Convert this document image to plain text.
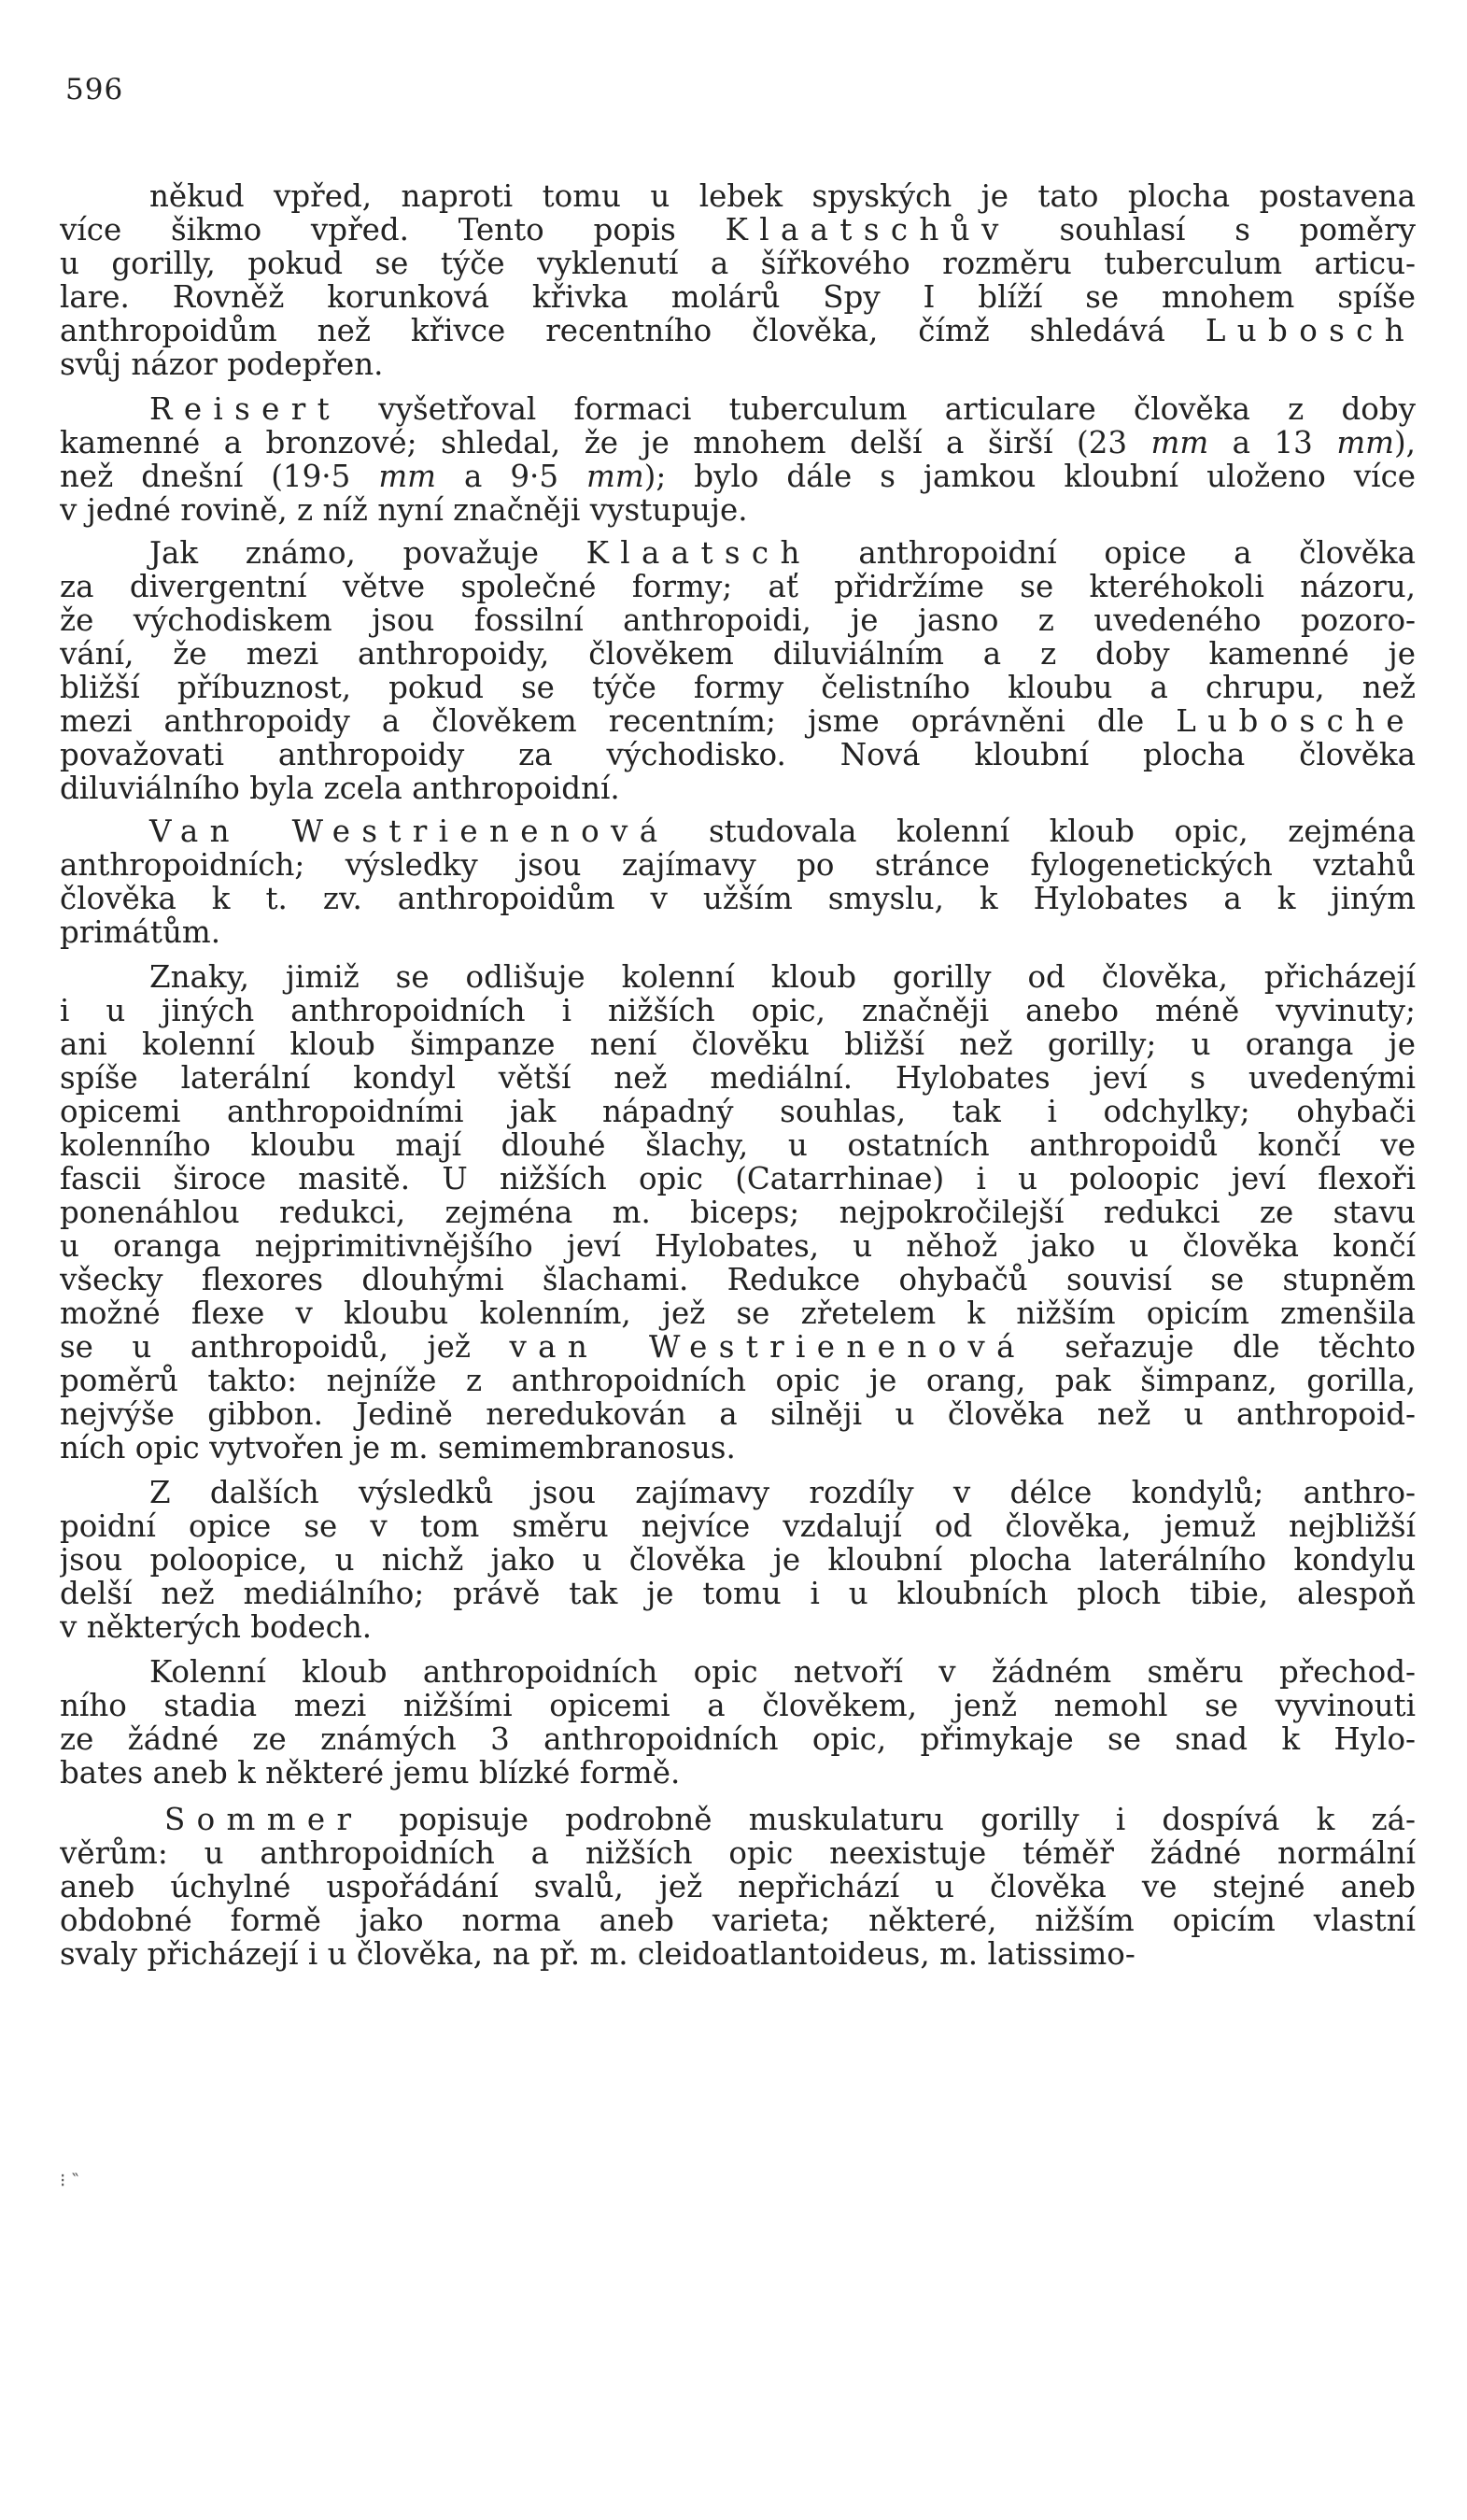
596
někud vpřed, naproti tomu u lebek spyských je tato plocha postavena
více šikmo vpřed. Tento popis Klaatschův souhlasí s poměry
u gorilly, pokud se týče vyklenutí a šířkového rozměru tuberculum articu-
lare. Rovněž korunková křivka molárů Spy I blíží se mnohem spíše
anthropoidům než křivce recentního člověka, čímž shledává Lubosch
svůj názor podepřen.
Reisert vyšetřoval formaci tuberculum articulare člověka z doby
kamenné a bronzové; shledal, že je mnohem delší a širší (23 mm a 13 mm),
než dnešní (19·5 mm a 9·5 mm); bylo dále s jamkou kloubní uloženo více
v jedné rovině, z níž nyní značněji vystupuje.
Jak známo, považuje Klaatsch anthropoidní opice a člověka
za divergentní větve společné formy; ať přidržíme se kteréhokoli názoru,
že východiskem jsou fossilní anthropoidi, je jasno z uvedeného pozoro-
vání, že mezi anthropoidy, člověkem diluviálním a z doby kamenné je
bližší příbuznost, pokud se týče formy čelistního kloubu a chrupu, než
mezi anthropoidy a člověkem recentním; jsme oprávněni dle Lubosche
považovati anthropoidy za východisko. Nová kloubní plocha člověka
diluviálního byla zcela anthropoidní.
Van Westrienenová studovala kolenní kloub opic, zejména
anthropoidních; výsledky jsou zajímavy po stránce fylogenetických vztahů
člověka k t. zv. anthropoidům v užším smyslu, k Hylobates a k jiným
primátům.
Znaky, jimiž se odlišuje kolenní kloub gorilly od člověka, přicházejí
i u jiných anthropoidních i nižších opic, značněji anebo méně vyvinuty;
ani kolenní kloub šimpanze není člověku bližší než gorilly; u oranga je
spíše laterální kondyl větší než mediální. Hylobates jeví s uvedenými
opicemi anthropoidními jak nápadný souhlas, tak i odchylky; ohybači
kolenního kloubu mají dlouhé šlachy, u ostatních anthropoidů končí ve
fascii široce masitě. U nižších opic (Catarrhinae) i u poloopic jeví flexoři
ponenáhlou redukci, zejména m. biceps; nejpokročilejší redukci ze stavu
u oranga nejprimitivnějšího jeví Hylobates, u něhož jako u člověka končí
všecky flexores dlouhými šlachami. Redukce ohybačů souvisí se stupněm
možné flexe v kloubu kolenním, jež se zřetelem k nižším opicím zmenšila
se u anthropoidů, jež van Westrienenová seřazuje dle těchto
poměrů takto: nejníže z anthropoidních opic je orang, pak šimpanz, gorilla,
nejvýše gibbon. Jedině neredukován a silněji u člověka než u anthropoid-
ních opic vytvořen je m. semimembranosus.
Z dalších výsledků jsou zajímavy rozdíly v délce kondylů; anthro-
poidní opice se v tom směru nejvíce vzdalují od člověka, jemuž nejbližší
jsou poloopice, u nichž jako u člověka je kloubní plocha laterálního kondylu
delší než mediálního; právě tak je tomu i u kloubních ploch tibie, alespoň
v některých bodech.
Kolenní kloub anthropoidních opic netvoří v žádném směru přechod-
ního stadia mezi nižšími opicemi a člověkem, jenž nemohl se vyvinouti
ze žádné ze známých 3 anthropoidních opic, přimykaje se snad k Hylo-
bates aneb k některé jemu blízké formě.
Sommer popisuje podrobně muskulaturu gorilly i dospívá k zá-
věrům: u anthropoidních a nižších opic neexistuje téměř žádné normální
aneb úchylné uspořádání svalů, jež nepřichází u člověka ve stejné aneb
obdobné formě jako norma aneb varieta; některé, nižším opicím vlastní
svaly přicházejí i u člověka, na př. m. cleidoatlantoideus, m. latissimo-
⁝ ‶
